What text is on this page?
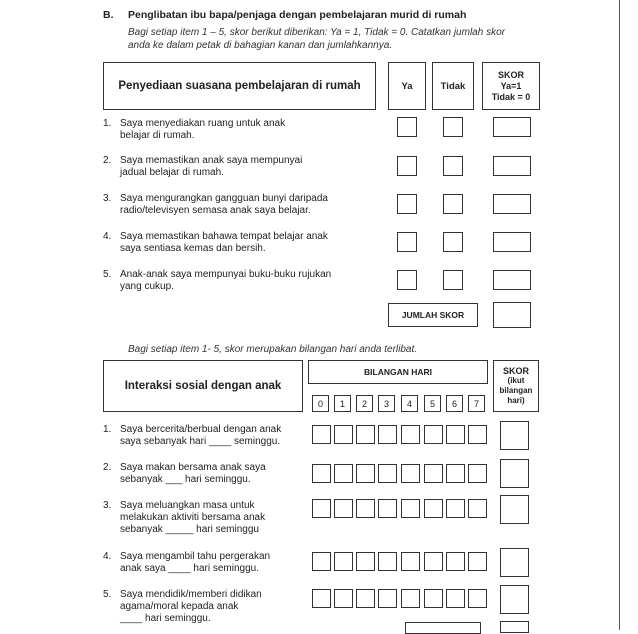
B. Penglibatan ibu bapa/penjaga dengan pembelajaran murid di rumah
Bagi setiap item 1 – 5, skor berikut diberikan: Ya = 1, Tidak = 0. Catatkan jumlah skor
anda ke dalam petak di bahagian kanan dan jumlahkannya.
Penyediaan suasana pembelajaran di rumah	Ya	Tidak
SKOR
Ya=1
Tidak = 0
1. Saya menyediakan ruang untuk anak
belajar di rumah.
2. Saya memastikan anak saya mempunyai
jadual belajar di rumah.
3. Saya mengurangkan gangguan bunyi daripada
radio/televisyen semasa anak saya belajar.
4. Saya memastikan bahawa tempat belajar anak
saya sentiasa kemas dan bersih.
5. Anak-anak saya mempunyai buku-buku rujukan
yang cukup.
JUMLAH SKOR
Bagi setiap item 1- 5, skor merupakan bilangan hari anda terlibat.
Interaksi sosial dengan anak
BILANGAN HARI
0	1	2	3	4	5	6	7
SKOR
(ikut
bilangan
hari)
1. Saya bercerita/berbual dengan anak
saya sebanyak hari ____ seminggu.
2. Saya makan bersama anak saya
sebanyak ___ hari seminggu.
3. Saya meluangkan masa untuk
melakukan aktiviti bersama anak
sebanyak _____ hari seminggu
4. Saya mengambil tahu pergerakan
anak saya ____ hari seminggu.
5. Saya mendidik/memberi didikan
agama/moral kepada anak
____ hari seminggu.
